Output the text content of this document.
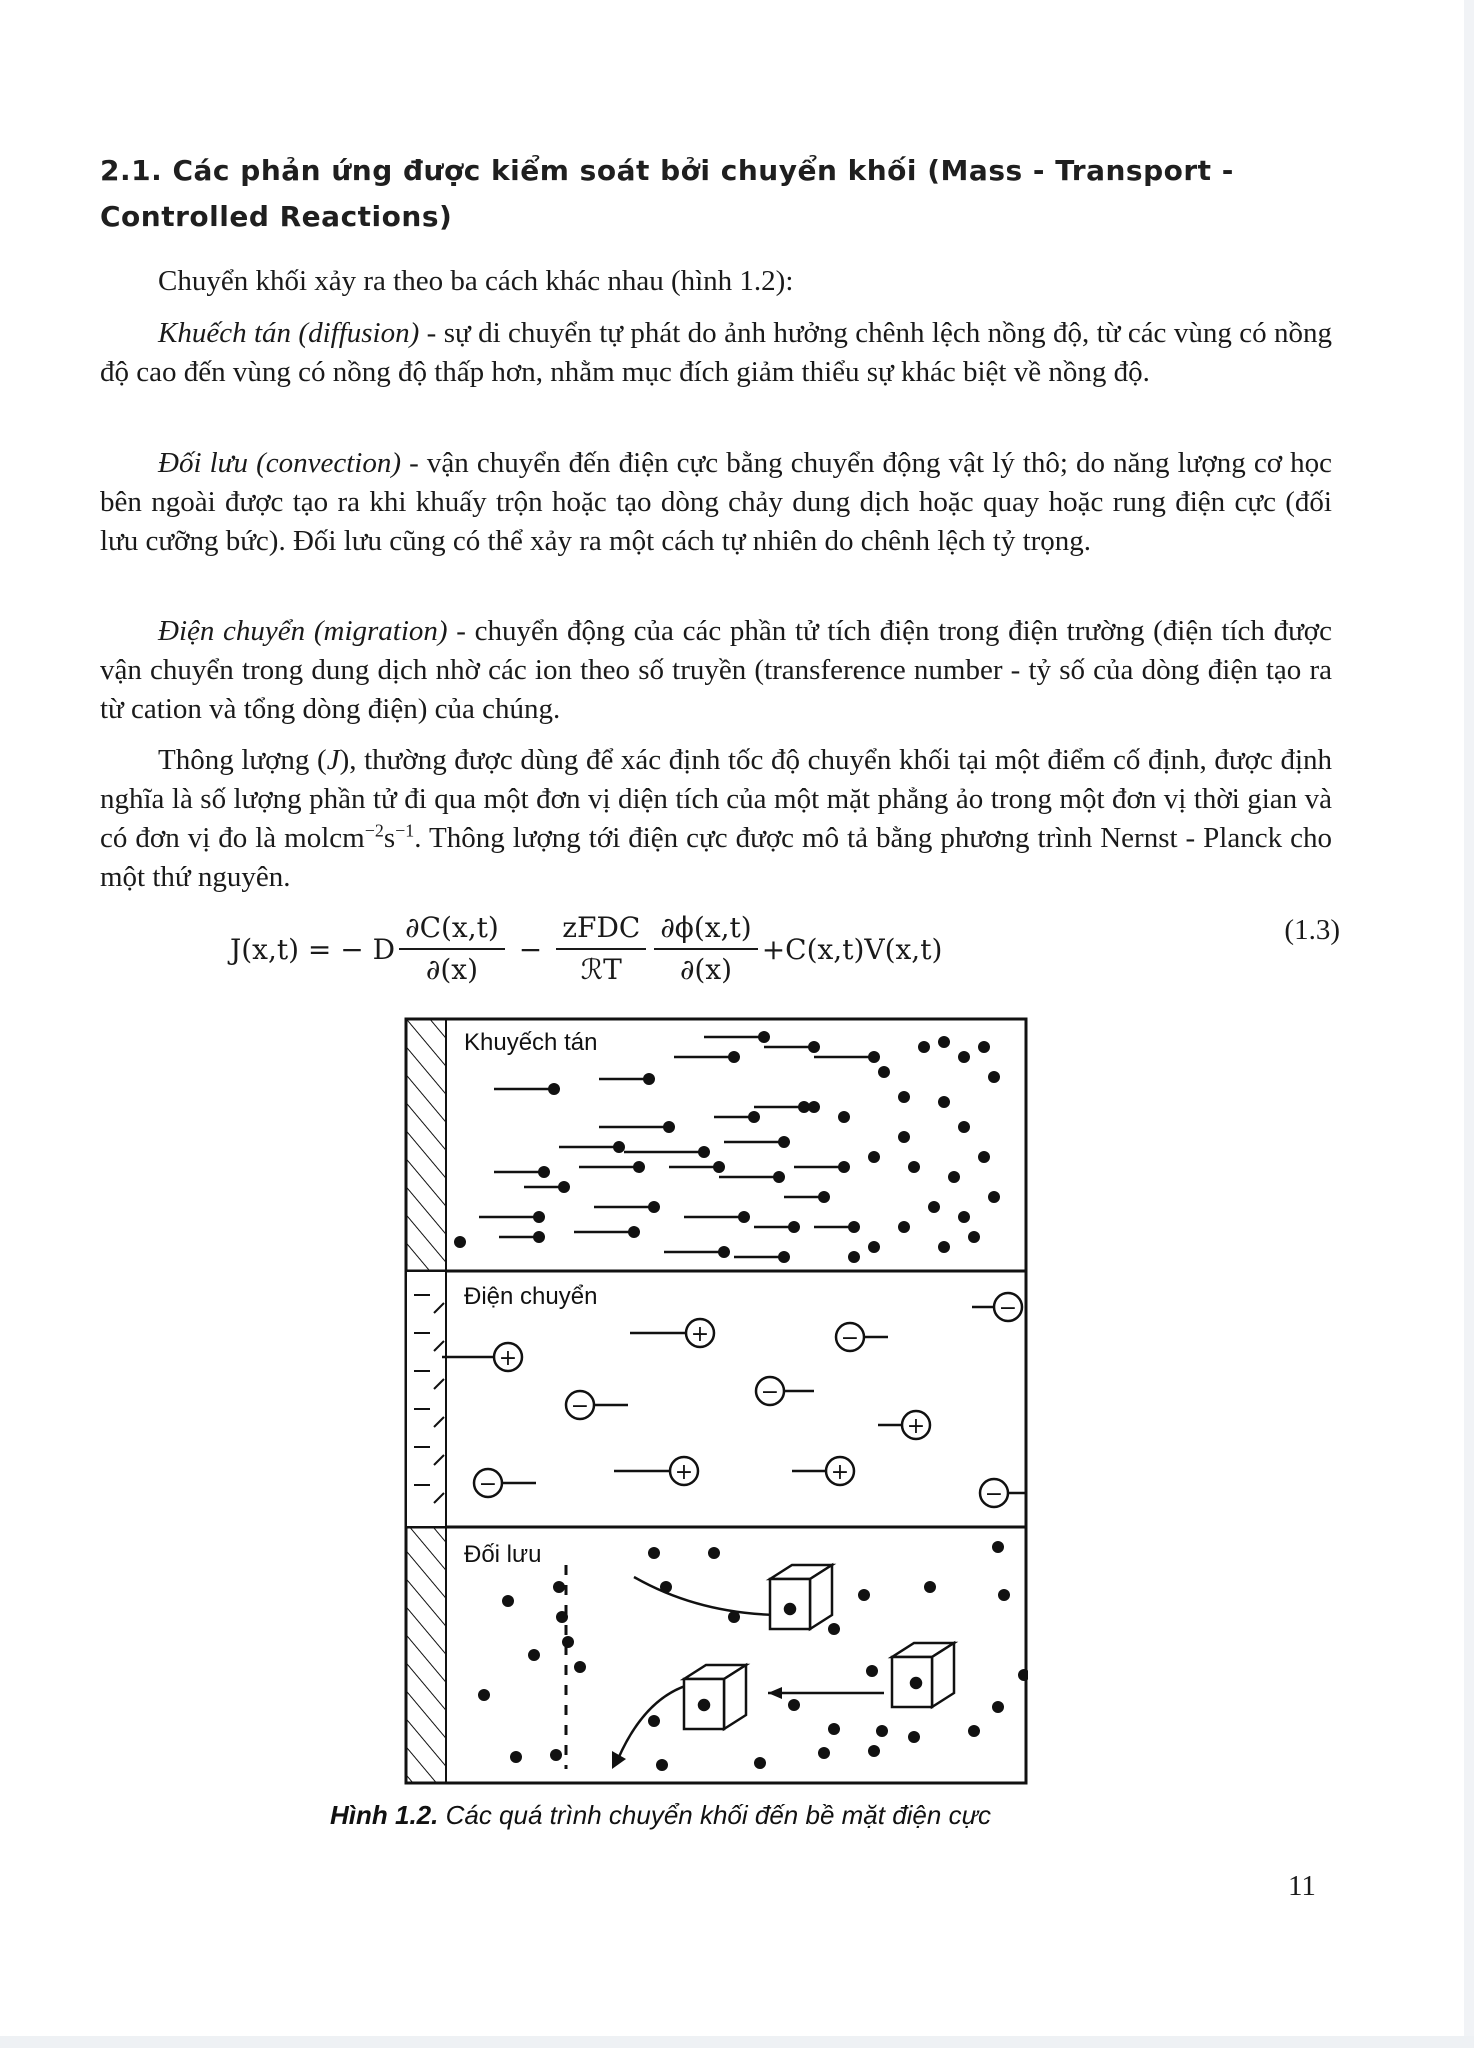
2.1. Các phản ứng được kiểm soát bởi chuyển khối (Mass - Transport -
Controlled Reactions)

Chuyển khối xảy ra theo ba cách khác nhau (hình 1.2):

Khuếch tán (diffusion) - sự di chuyển tự phát do ảnh hưởng chênh lệch nồng độ, từ các vùng có nồng độ cao đến vùng có nồng độ thấp hơn, nhằm mục đích giảm thiểu sự khác biệt về nồng độ.

Đối lưu (convection) - vận chuyển đến điện cực bằng chuyển động vật lý thô; do năng lượng cơ học bên ngoài được tạo ra khi khuấy trộn hoặc tạo dòng chảy dung dịch hoặc quay hoặc rung điện cực (đối lưu cưỡng bức). Đối lưu cũng có thể xảy ra một cách tự nhiên do chênh lệch tỷ trọng.

Điện chuyển (migration) - chuyển động của các phần tử tích điện trong điện trường (điện tích được vận chuyển trong dung dịch nhờ các ion theo số truyền (transference number - tỷ số của dòng điện tạo ra từ cation và tổng dòng điện) của chúng.

Thông lượng (J), thường được dùng để xác định tốc độ chuyển khối tại một điểm cố định, được định nghĩa là số lượng phần tử đi qua một đơn vị diện tích của một mặt phẳng ảo trong một đơn vị thời gian và có đơn vị đo là $molcm^{-2}s^{-1}$. Thông lượng tới điện cực được mô tả bằng phương trình Nernst - Planck cho một thứ nguyên.

J(x,t) = − D $\frac{\partial C(x,t)}{\partial(x)} - \frac{\text{zFDC}}{\text{ℛT}} \frac{\partial\phi(x,t)}{\partial(x)} +C(x,t)V(x,t)$
(1.3)
+
+
−
−
−
−
+
+	+
−	−
Khuyếch tán
Điện chuyển
Đối lưu
Hình 1.2. Các quá trình chuyển khối đến bề mặt điện cực
11
